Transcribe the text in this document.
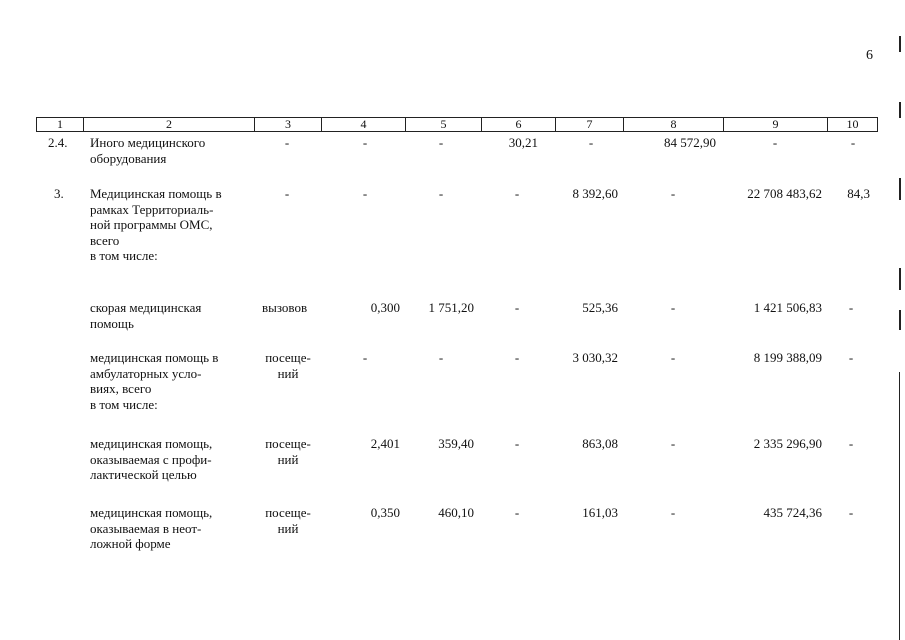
6
1	2	3	4	5	6	7	8	9	10
2.4. Иного медицинского
оборудования
-	-	-	30,21	-	84 572,90	-	-
3. Медицинская помощь в
рамках Территориаль-
ной программы ОМС,
всего
в том числе:
-	-	-	-	8 392,60	-	22 708 483,62	84,3
скорая медицинская
помощь
вызовов	0,300	1 751,20	-	525,36	-	1 421 506,83	-
медицинская помощь в
амбулаторных усло-
виях, всего
в том числе:
посеще-
ний
-	-	-	3 030,32	-	8 199 388,09	-
медицинская помощь,
оказываемая с профи-
лактической целью
посеще-
ний
2,401	359,40	-	863,08	-	2 335 296,90	-
медицинская помощь,
оказываемая в неот-
ложной форме
посеще-
ний
0,350	460,10	-	161,03	-	435 724,36	-
